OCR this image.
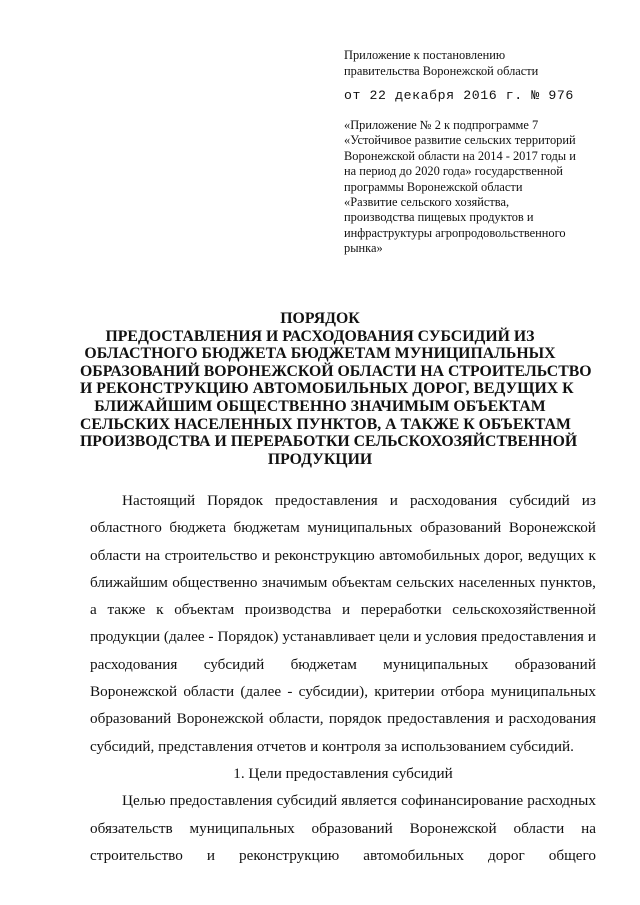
Приложение к постановлению
правительства Воронежской области
от 22 декабря 2016 г. № 976
«Приложение № 2 к подпрограмме 7
«Устойчивое развитие сельских территорий
Воронежской области на 2014 - 2017 годы и
на период до 2020 года» государственной
программы Воронежской области
«Развитие сельского хозяйства,
производства пищевых продуктов и
инфраструктуры агропродовольственного
рынка»
ПОРЯДОК
ПРЕДОСТАВЛЕНИЯ И РАСХОДОВАНИЯ СУБСИДИЙ ИЗ
ОБЛАСТНОГО БЮДЖЕТА БЮДЖЕТАМ МУНИЦИПАЛЬНЫХ
ОБРАЗОВАНИЙ ВОРОНЕЖСКОЙ ОБЛАСТИ НА СТРОИТЕЛЬСТВО
И РЕКОНСТРУКЦИЮ АВТОМОБИЛЬНЫХ ДОРОГ, ВЕДУЩИХ К
БЛИЖАЙШИМ ОБЩЕСТВЕННО ЗНАЧИМЫМ ОБЪЕКТАМ
СЕЛЬСКИХ НАСЕЛЕННЫХ ПУНКТОВ, А ТАКЖЕ К ОБЪЕКТАМ
ПРОИЗВОДСТВА И ПЕРЕРАБОТКИ СЕЛЬСКОХОЗЯЙСТВЕННОЙ
ПРОДУКЦИИ
Настоящий Порядок предоставления и расходования субсидий из
областного бюджета бюджетам муниципальных образований Воронежской
области на строительство и реконструкцию автомобильных дорог, ведущих к
ближайшим общественно значимым объектам сельских населенных пунктов,
а также к объектам производства и переработки сельскохозяйственной
продукции (далее - Порядок) устанавливает цели и условия предоставления и
расходования субсидий бюджетам муниципальных образований
Воронежской области (далее - субсидии), критерии отбора муниципальных
образований Воронежской области, порядок предоставления и расходования
субсидий, представления отчетов и контроля за использованием субсидий.
1. Цели предоставления субсидий
Целью предоставления субсидий является софинансирование расходных
обязательств муниципальных образований Воронежской области на
строительство и реконструкцию автомобильных дорог общего
